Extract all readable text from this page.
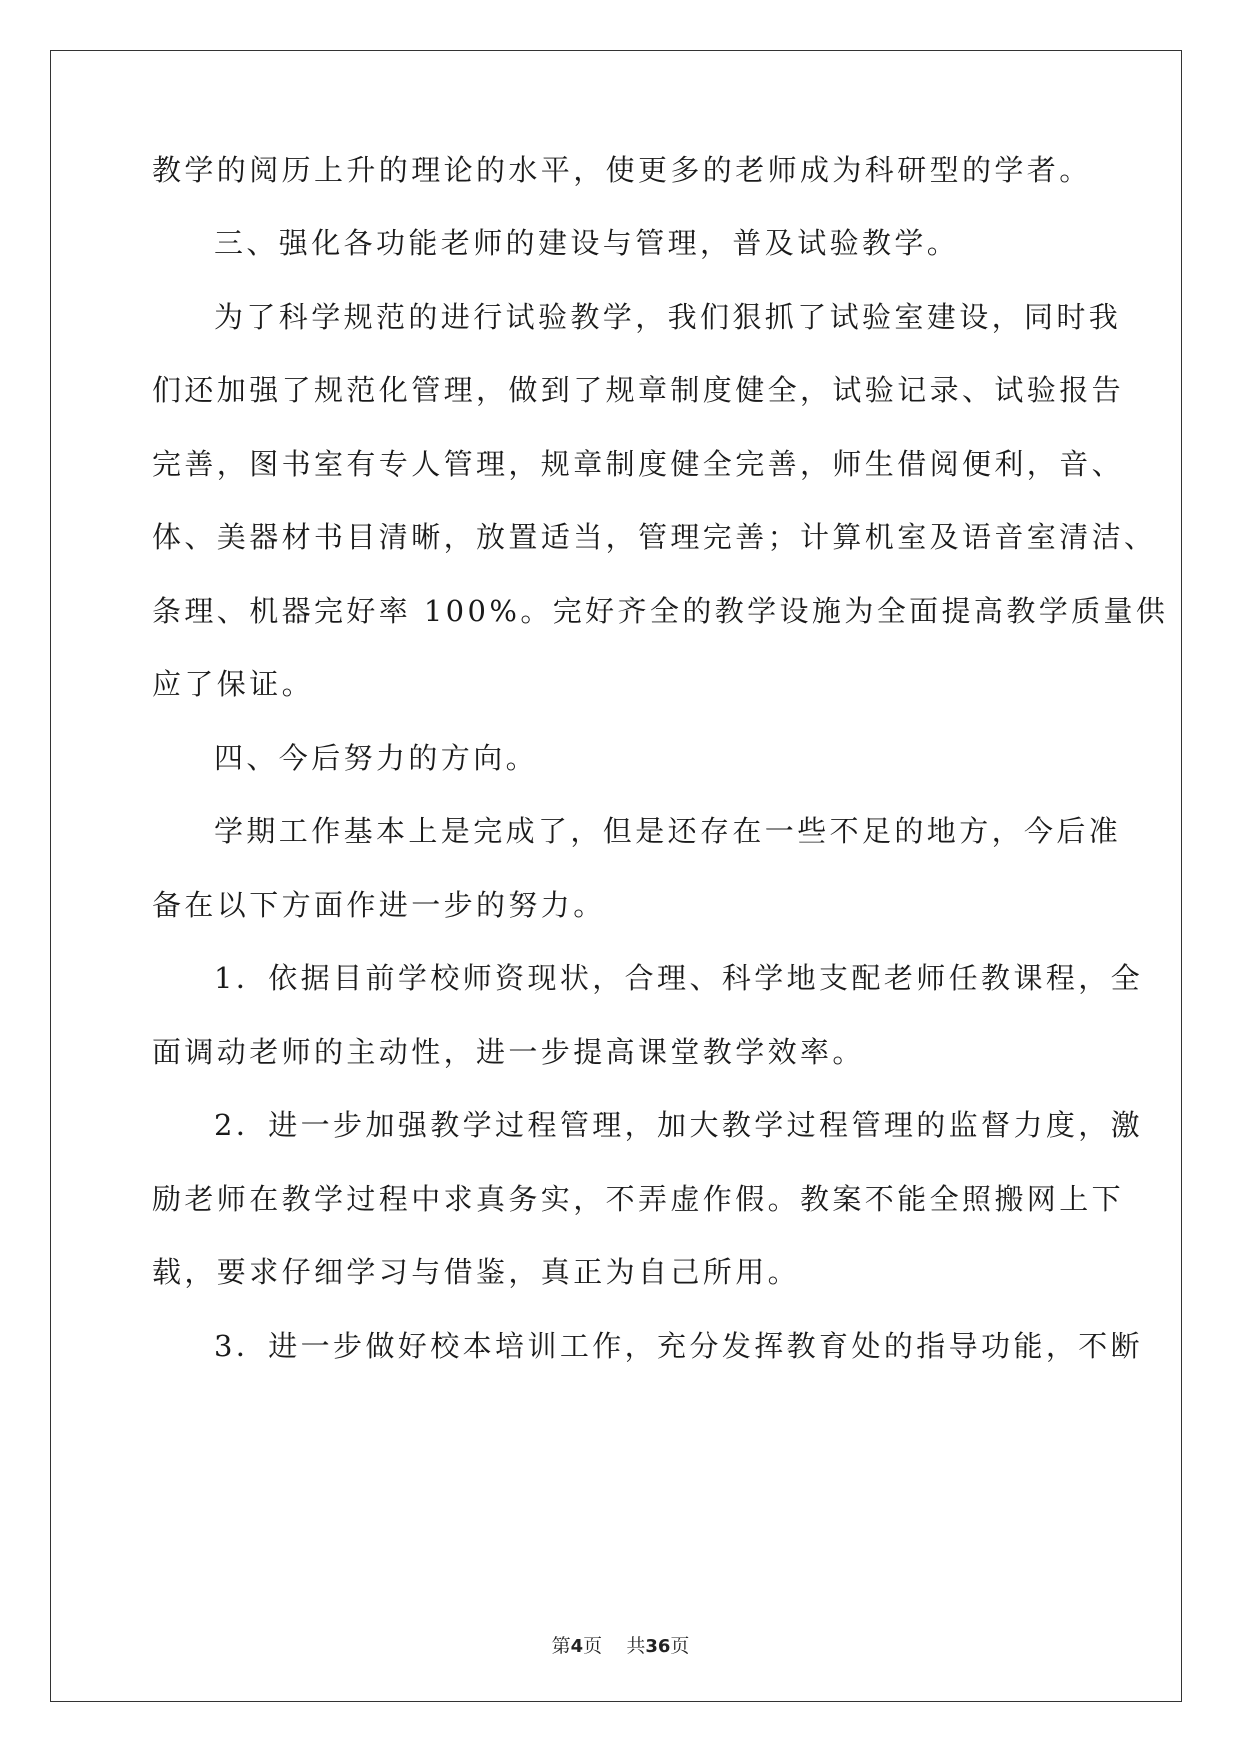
教学的阅历上升的理论的水平，使更多的老师成为科研型的学者。
三、强化各功能老师的建设与管理，普及试验教学。
为了科学规范的进行试验教学，我们狠抓了试验室建设，同时我
们还加强了规范化管理，做到了规章制度健全，试验记录、试验报告
完善，图书室有专人管理，规章制度健全完善，师生借阅便利，音、
体、美器材书目清晰，放置适当，管理完善；计算机室及语音室清洁、
条理、机器完好率 100%。完好齐全的教学设施为全面提高教学质量供
应了保证。
四、今后努力的方向。
学期工作基本上是完成了，但是还存在一些不足的地方，今后准
备在以下方面作进一步的努力。
1．依据目前学校师资现状，合理、科学地支配老师任教课程，全
面调动老师的主动性，进一步提高课堂教学效率。
2．进一步加强教学过程管理，加大教学过程管理的监督力度，激
励老师在教学过程中求真务实，不弄虚作假。教案不能全照搬网上下
载，要求仔细学习与借鉴，真正为自己所用。
3．进一步做好校本培训工作，充分发挥教育处的指导功能，不断
第4页 共36页
